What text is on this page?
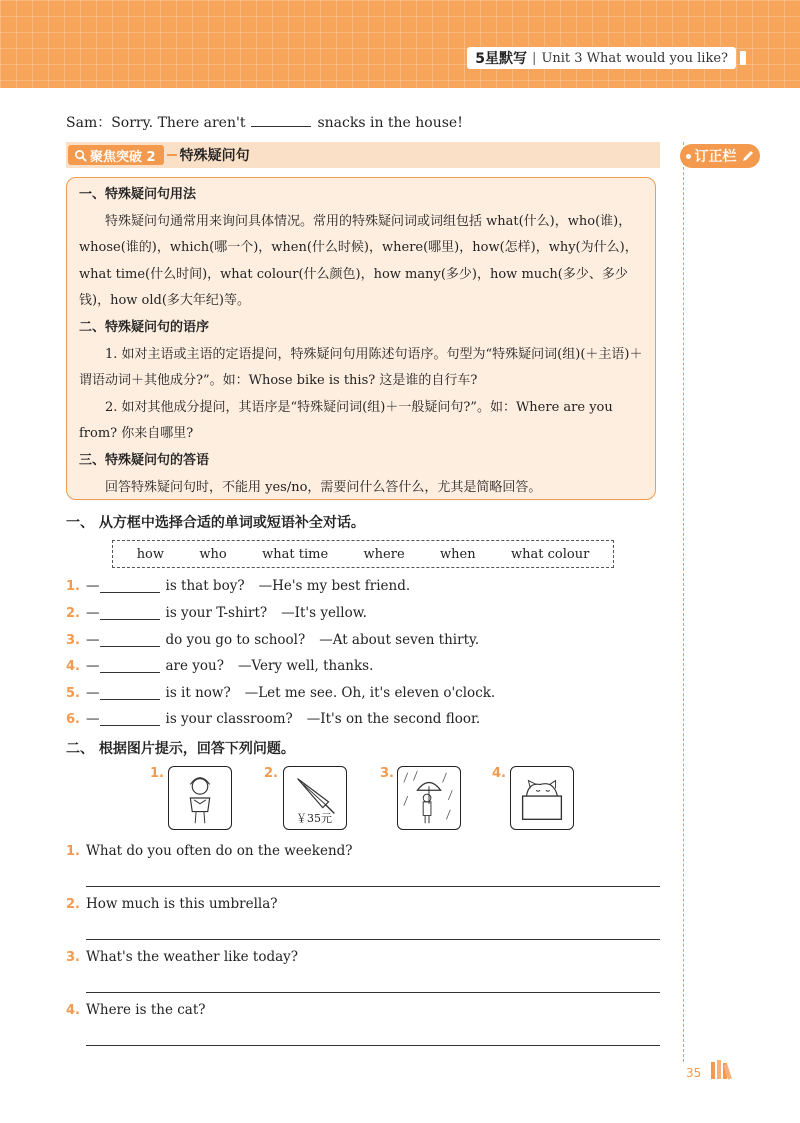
5星默写 | Unit 3 What would you like?
Sam：Sorry. There aren't	snacks in the house!
聚焦突破 2 特殊疑问句	订正栏

一、特殊疑问句用法

特殊疑问句通常用来询问具体情况。常用的特殊疑问词或词组包括 what(什么)，who(谁)，whose(谁的)，which(哪一个)，when(什么时候)，where(哪里)，how(怎样)，why(为什么)，what time(什么时间)，what colour(什么颜色)，how many(多少)，how much(多少、多少钱)，how old(多大年纪)等。

二、特殊疑问句的语序

1. 如对主语或主语的定语提问，特殊疑问句用陈述句语序。句型为“特殊疑问词(组)(＋主语)＋谓语动词＋其他成分?”。如：Whose bike is this? 这是谁的自行车?

2. 如对其他成分提问，其语序是“特殊疑问词(组)＋一般疑问句?”。如：Where are you from? 你来自哪里?

三、特殊疑问句的答语

回答特殊疑问句时，不能用 yes/no，需要问什么答什么，尤其是简略回答。

一、 从方框中选择合适的单词或短语补全对话。
how	who	what time	where	when	what colour
1. —	is that boy? —He's my best friend.
2. —	is your T-shirt? —It's yellow.
3. —	do you go to school? —At about seven thirty.
4. —	are you? —Very well, thanks.
5. —	is it now? —Let me see. Oh, it's eleven o'clock.
6. —	is your classroom? —It's on the second floor.
二、 根据图片提示，回答下列问题。
1.	2.
￥35元
3.	4.
1. What do you often do on the weekend?
2. How much is this umbrella?
3. What's the weather like today?
4. Where is the cat?
35
